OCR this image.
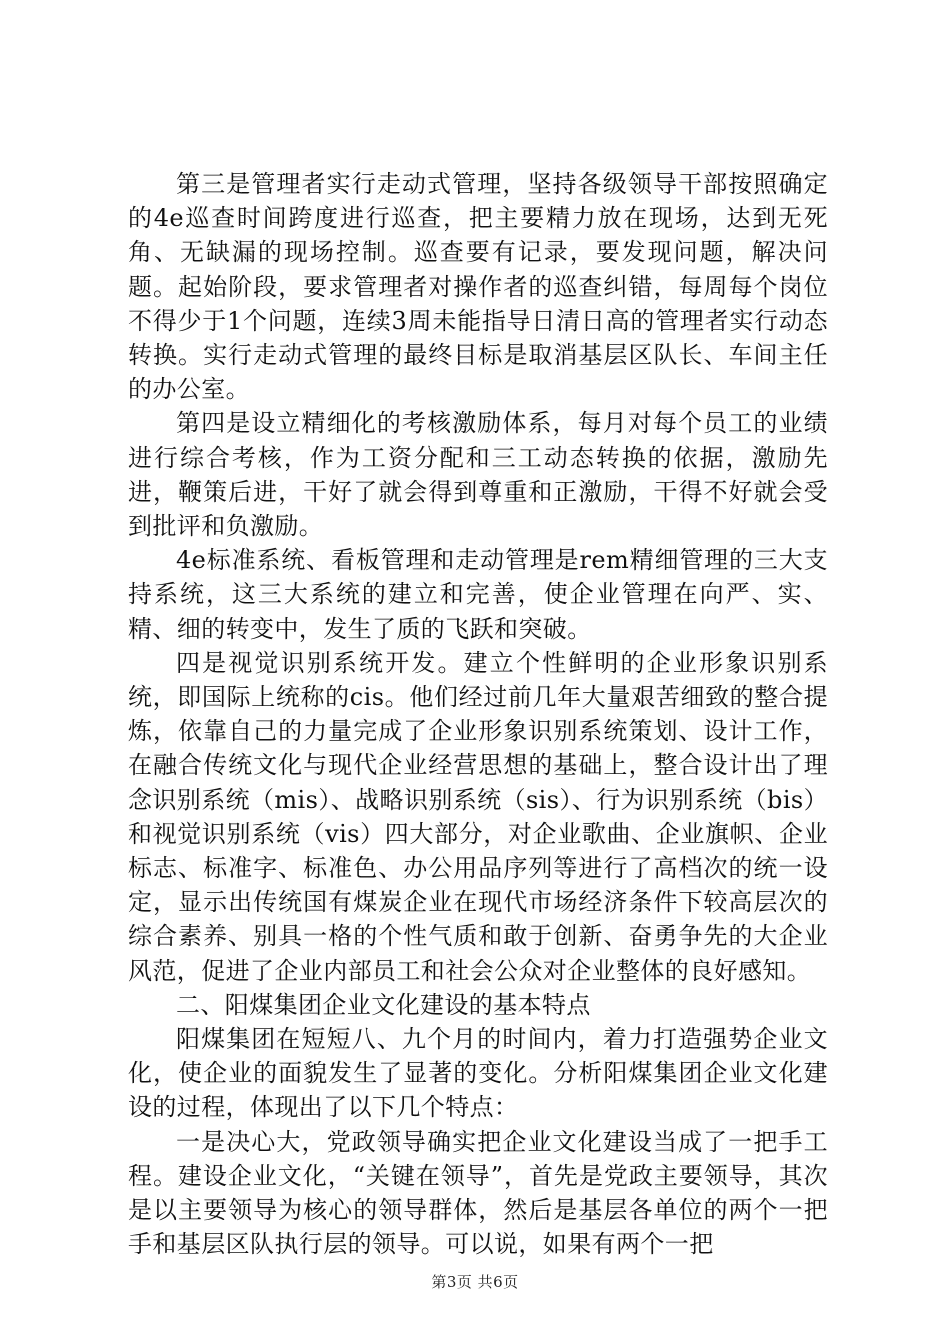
第三是管理者实行走动式管理，坚持各级领导干部按照确定的4e巡查时间跨度进行巡查，把主要精力放在现场，达到无死角、无缺漏的现场控制。巡查要有记录，要发现问题，解决问题。起始阶段，要求管理者对操作者的巡查纠错，每周每个岗位不得少于1个问题，连续3周未能指导日清日高的管理者实行动态转换。实行走动式管理的最终目标是取消基层区队长、车间主任的办公室。

第四是设立精细化的考核激励体系，每月对每个员工的业绩进行综合考核，作为工资分配和三工动态转换的依据，激励先进，鞭策后进，干好了就会得到尊重和正激励，干得不好就会受到批评和负激励。

4e标准系统、看板管理和走动管理是rem精细管理的三大支持系统，这三大系统的建立和完善，使企业管理在向严、实、精、细的转变中，发生了质的飞跃和突破。

四是视觉识别系统开发。建立个性鲜明的企业形象识别系统，即国际上统称的cis。他们经过前几年大量艰苦细致的整合提炼，依靠自己的力量完成了企业形象识别系统策划、设计工作，在融合传统文化与现代企业经营思想的基础上，整合设计出了理念识别系统（mis）、战略识别系统（sis）、行为识别系统（bis）和视觉识别系统（vis）四大部分，对企业歌曲、企业旗帜、企业标志、标准字、标准色、办公用品序列等进行了高档次的统一设定，显示出传统国有煤炭企业在现代市场经济条件下较高层次的综合素养、别具一格的个性气质和敢于创新、奋勇争先的大企业风范，促进了企业内部员工和社会公众对企业整体的良好感知。

二、阳煤集团企业文化建设的基本特点

阳煤集团在短短八、九个月的时间内，着力打造强势企业文化，使企业的面貌发生了显著的变化。分析阳煤集团企业文化建设的过程，体现出了以下几个特点：

一是决心大，党政领导确实把企业文化建设当成了一把手工程。建设企业文化，“关键在领导”，首先是党政主要领导，其次是以主要领导为核心的领导群体，然后是基层各单位的两个一把手和基层区队执行层的领导。可以说，如果有两个一把

第3页 共6页
